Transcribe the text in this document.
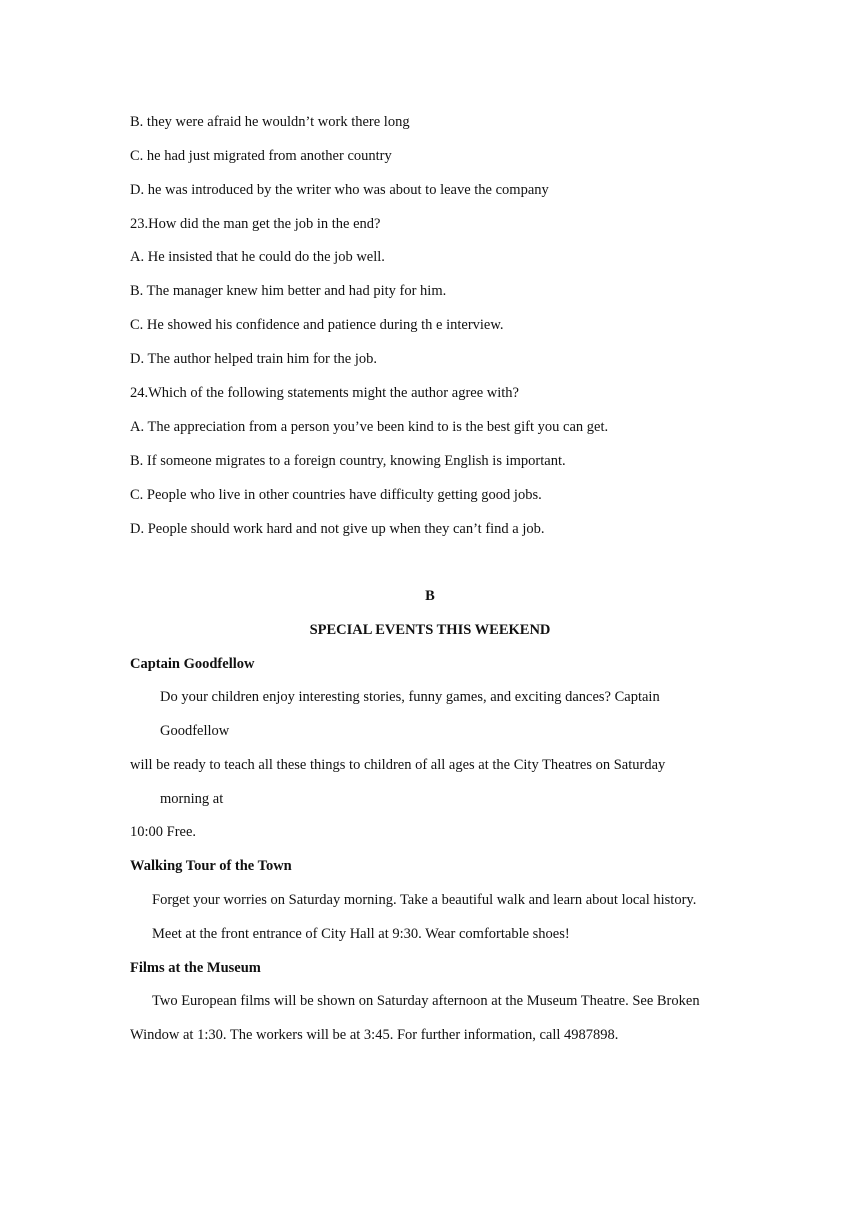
B. they were afraid he wouldn’t work there long
C. he had just migrated from another country
D. he was introduced by the writer who was about to leave the company
23.How did the man get the job in the end?
A. He insisted that he could do the job well.
B. The manager knew him better and had pity for him.
C. He showed his confidence and patience during th e interview.
D. The author helped train him for the job.
24.Which of the following statements might the author agree with?
A. The appreciation from a person you’ve been kind to is the best gift you can get.
B. If someone migrates to a foreign country, knowing English is important.
C. People who live in other countries have difficulty getting good jobs.
D. People should work hard and not give up when they can’t find a job.
B
SPECIAL EVENTS THIS WEEKEND
Captain Goodfellow
Do your children enjoy interesting stories, funny games, and exciting dances? Captain
Goodfellow
will be ready to teach all these things to children of all ages at the City Theatres on Saturday
morning at
10:00 Free.
Walking Tour of the Town
Forget your worries on Saturday morning. Take a beautiful walk and learn about local history.
Meet at the front entrance of City Hall at 9:30. Wear comfortable shoes!
Films at the Museum
Two European films will be shown on Saturday afternoon at the Museum Theatre. See Broken
Window at 1:30. The workers will be at 3:45. For further information, call 4987898.
